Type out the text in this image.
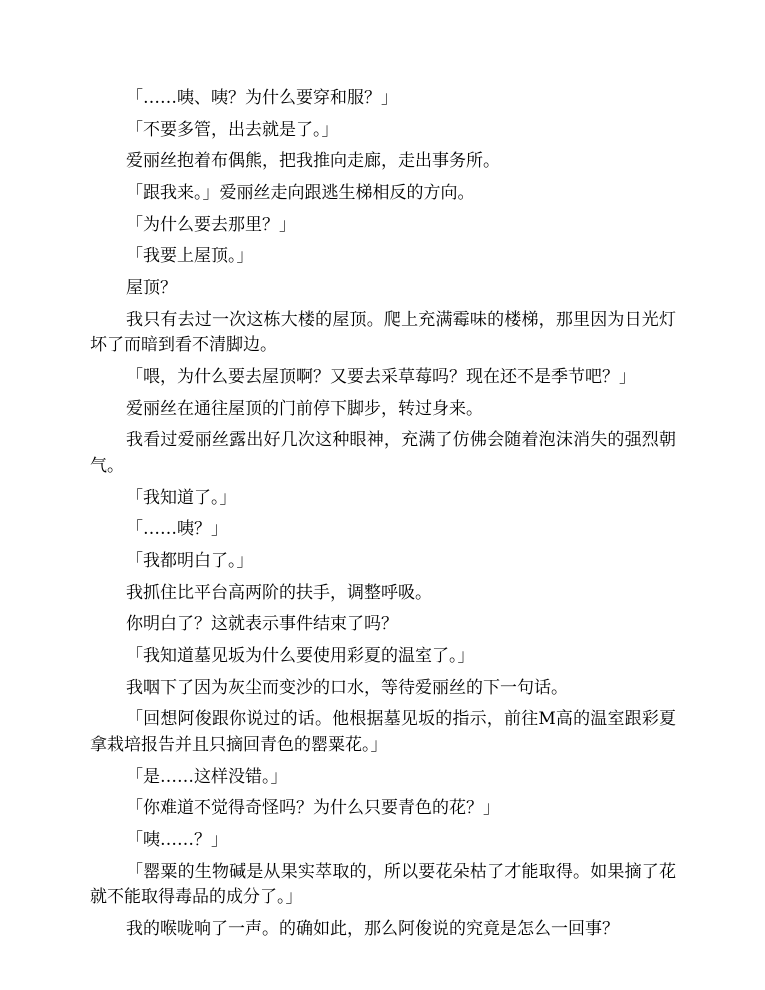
「……咦、咦？为什么要穿和服？」

「不要多管，出去就是了。」

爱丽丝抱着布偶熊，把我推向走廊，走出事务所。

「跟我来。」爱丽丝走向跟逃生梯相反的方向。

「为什么要去那里？」

「我要上屋顶。」

屋顶？

我只有去过一次这栋大楼的屋顶。爬上充满霉味的楼梯，那里因为日光灯坏了而暗到看不清脚边。

「喂，为什么要去屋顶啊？又要去采草莓吗？现在还不是季节吧？」

爱丽丝在通往屋顶的门前停下脚步，转过身来。

我看过爱丽丝露出好几次这种眼神，充满了仿佛会随着泡沫消失的强烈朝气。

「我知道了。」

「……咦？」

「我都明白了。」

我抓住比平台高两阶的扶手，调整呼吸。

你明白了？这就表示事件结束了吗？

「我知道墓见坂为什么要使用彩夏的温室了。」

我咽下了因为灰尘而变沙的口水，等待爱丽丝的下一句话。

「回想阿俊跟你说过的话。他根据墓见坂的指示，前往M高的温室跟彩夏拿栽培报告并且只摘回青色的罂粟花。」

「是……这样没错。」

「你难道不觉得奇怪吗？为什么只要青色的花？」

「咦……？」

「罂粟的生物碱是从果实萃取的，所以要花朵枯了才能取得。如果摘了花就不能取得毒品的成分了。」

我的喉咙响了一声。的确如此，那么阿俊说的究竟是怎么一回事？
